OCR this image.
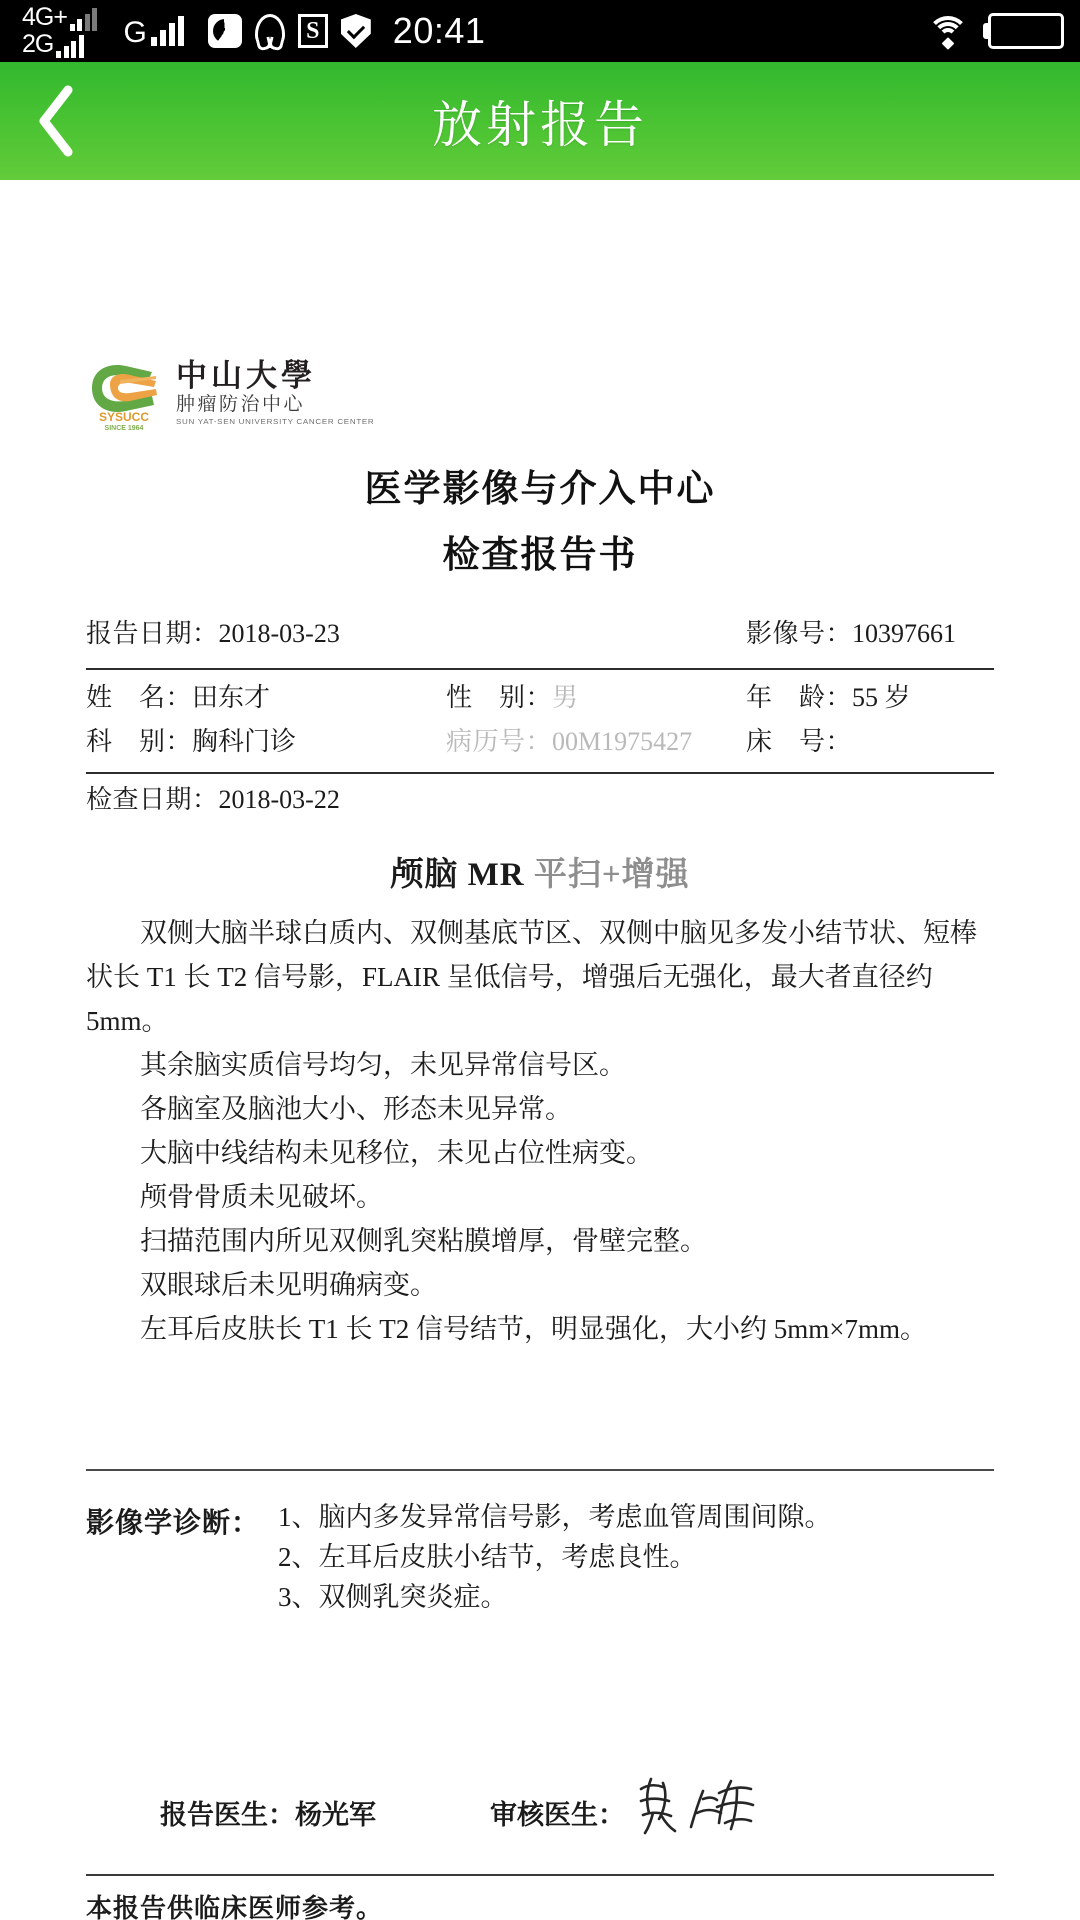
4G+
2G G	S 20:41
放射报告
SYSUCC
SINCE 1964
中山大學
肿瘤防治中心
SUN YAT-SEN UNIVERSITY CANCER CENTER
医学影像与介入中心
检查报告书
报告日期：2018-03-23	影像号：10397661
姓　名：田东才	性　别：男	年　龄：55 岁
科　别：胸科门诊	病历号：00M1975427	床　号：
检查日期：2018-03-22
颅脑 MR 平扫+增强

双侧大脑半球白质内、双侧基底节区、双侧中脑见多发小结节状、短棒状长 T1 长 T2 信号影，FLAIR 呈低信号，增强后无强化，最大者直径约 5mm。

其余脑实质信号均匀，未见异常信号区。

各脑室及脑池大小、形态未见异常。

大脑中线结构未见移位，未见占位性病变。

颅骨骨质未见破坏。

扫描范围内所见双侧乳突粘膜增厚，骨壁完整。

双眼球后未见明确病变。

左耳后皮肤长 T1 长 T2 信号结节，明显强化，大小约 5mm×7mm。

影像学诊断： 1、脑内多发异常信号影，考虑血管周围间隙。
2、左耳后皮肤小结节，考虑良性。
3、双侧乳突炎症。
报告医生：杨光军	审核医生：
本报告供临床医师参考。
